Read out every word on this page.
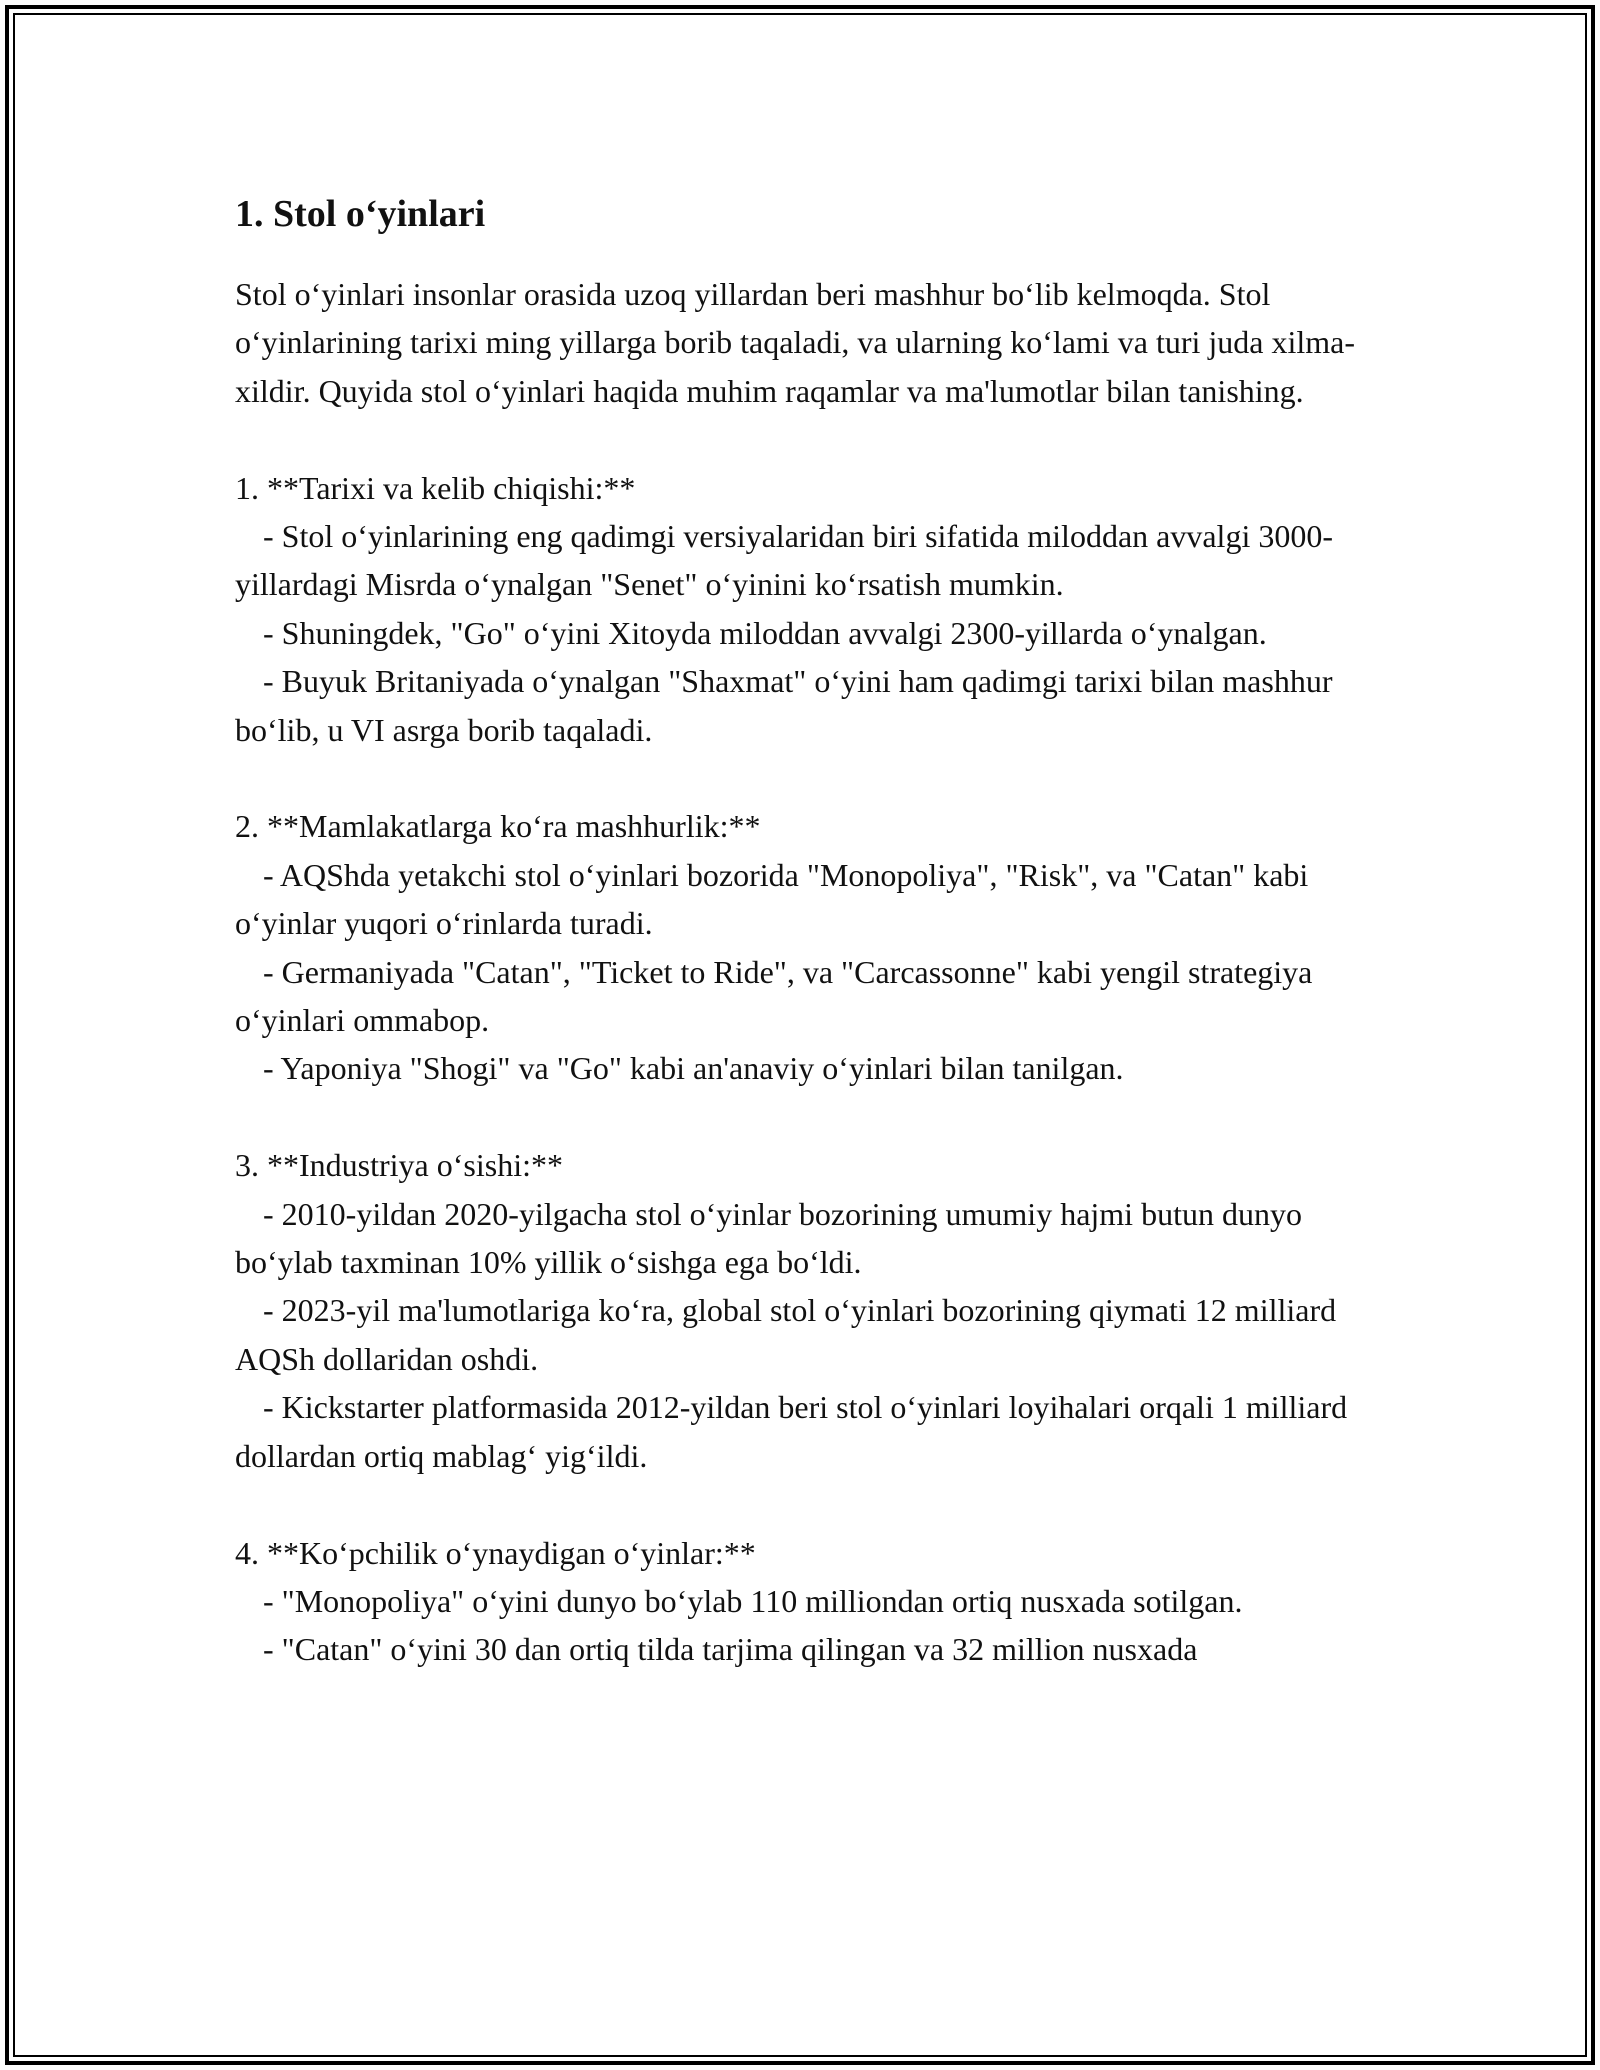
1. Stol o‘yinlari

Stol o‘yinlari insonlar orasida uzoq yillardan beri mashhur bo‘lib kelmoqda. Stol o‘yinlarining tarixi ming yillarga borib taqaladi, va ularning ko‘lami va turi juda xilma-xildir. Quyida stol o‘yinlari haqida muhim raqamlar va ma'lumotlar bilan tanishing.

1. **Tarixi va kelib chiqishi:**

- Stol o‘yinlarining eng qadimgi versiyalaridan biri sifatida miloddan avvalgi 3000-yillardagi Misrda o‘ynalgan "Senet" o‘yinini ko‘rsatish mumkin.

- Shuningdek, "Go" o‘yini Xitoyda miloddan avvalgi 2300-yillarda o‘ynalgan.

- Buyuk Britaniyada o‘ynalgan "Shaxmat" o‘yini ham qadimgi tarixi bilan mashhur bo‘lib, u VI asrga borib taqaladi.

2. **Mamlakatlarga ko‘ra mashhurlik:**

- AQShda yetakchi stol o‘yinlari bozorida "Monopoliya", "Risk", va "Catan" kabi o‘yinlar yuqori o‘rinlarda turadi.

- Germaniyada "Catan", "Ticket to Ride", va "Carcassonne" kabi yengil strategiya o‘yinlari ommabop.

- Yaponiya "Shogi" va "Go" kabi an'anaviy o‘yinlari bilan tanilgan.

3. **Industriya o‘sishi:**

- 2010-yildan 2020-yilgacha stol o‘yinlar bozorining umumiy hajmi butun dunyo bo‘ylab taxminan 10% yillik o‘sishga ega bo‘ldi.

- 2023-yil ma'lumotlariga ko‘ra, global stol o‘yinlari bozorining qiymati 12 milliard AQSh dollaridan oshdi.

- Kickstarter platformasida 2012-yildan beri stol o‘yinlari loyihalari orqali 1 milliard dollardan ortiq mablag‘ yig‘ildi.

4. **Ko‘pchilik o‘ynaydigan o‘yinlar:**

- "Monopoliya" o‘yini dunyo bo‘ylab 110 milliondan ortiq nusxada sotilgan.

- "Catan" o‘yini 30 dan ortiq tilda tarjima qilingan va 32 million nusxada
